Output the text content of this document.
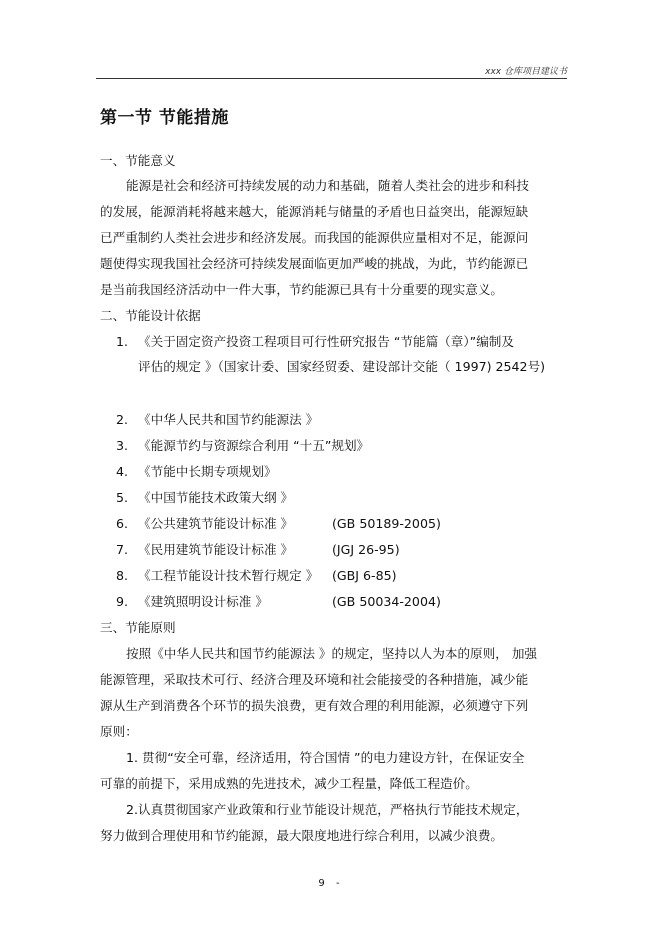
xxx 仓库项目建议书
第一节 节能措施
一、节能意义
能源是社会和经济可持续发展的动力和基础，随着人类社会的进步和科技
的发展，能源消耗将越来越大，能源消耗与储量的矛盾也日益突出，能源短缺
已严重制约人类社会进步和经济发展。而我国的能源供应量相对不足，能源问
题使得实现我国社会经济可持续发展面临更加严峻的挑战，为此，节约能源已
是当前我国经济活动中一件大事，节约能源已具有十分重要的现实意义。
二、节能设计依据
1. 《关于固定资产投资工程项目可行性研究报告 “节能篇（章）”编制及
评估的规定 》（国家计委、国家经贸委、建设部计交能（ 1997) 2542号)
2. 《中华人民共和国节约能源法 》
3. 《能源节约与资源综合利用 “十五”规划》
4. 《节能中长期专项规划》
5. 《中国节能技术政策大纲 》
6. 《公共建筑节能设计标准 》	(GB 50189-2005)
7. 《民用建筑节能设计标准 》	(JGJ 26-95)
8. 《工程节能设计技术暂行规定 》 (GBJ 6-85)
9. 《建筑照明设计标准 》	(GB 50034-2004)
三、节能原则
按照《中华人民共和国节约能源法 》的规定，坚持以人为本的原则， 加强
能源管理，采取技术可行、经济合理及环境和社会能接受的各种措施，减少能
源从生产到消费各个环节的损失浪费，更有效合理的利用能源，必须遵守下列
原则：
1. 贯彻“安全可靠，经济适用，符合国情 ”的电力建设方针，在保证安全
可靠的前提下，采用成熟的先进技术，减少工程量，降低工程造价。
2.认真贯彻国家产业政策和行业节能设计规范，严格执行节能技术规定，
努力做到合理使用和节约能源，最大限度地进行综合利用，以减少浪费。
9 -
